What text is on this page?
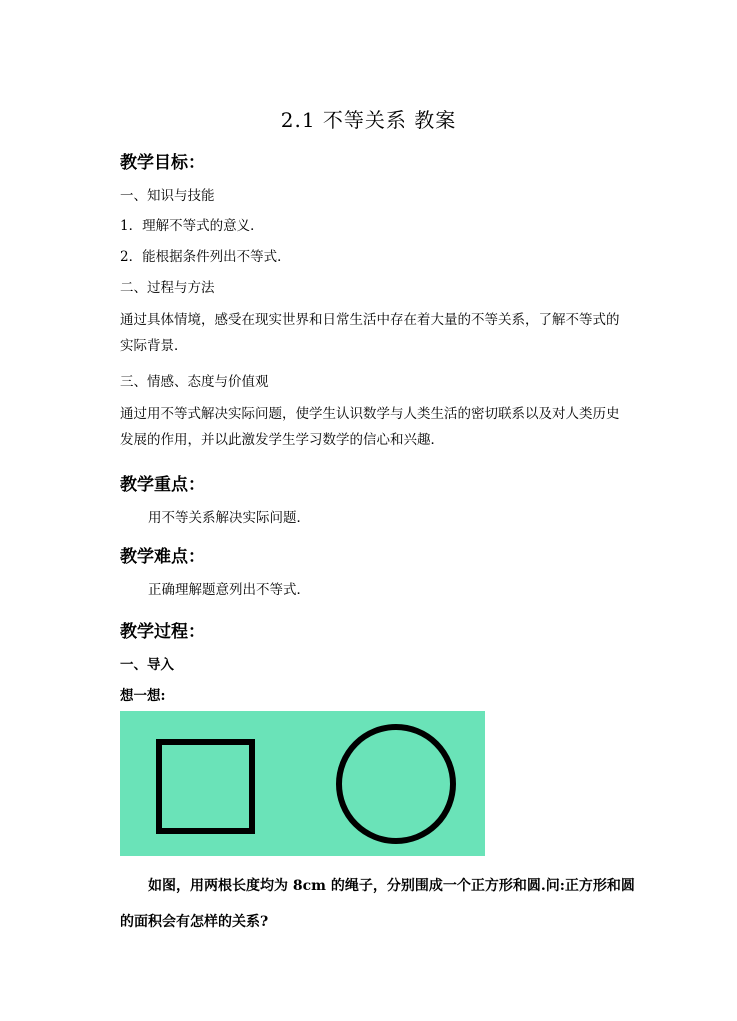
2.1 不等关系 教案
教学目标：
一、知识与技能
1．理解不等式的意义．
2．能根据条件列出不等式．
二、过程与方法
通过具体情境，感受在现实世界和日常生活中存在着大量的不等关系，了解不等式的实际背景．
三、情感、态度与价值观
通过用不等式解决实际问题，使学生认识数学与人类生活的密切联系以及对人类历史发展的作用，并以此激发学生学习数学的信心和兴趣．
教学重点：
用不等关系解决实际问题．
教学难点：
正确理解题意列出不等式．
教学过程：
一、导入
想一想:
如图，用两根长度均为 8cm 的绳子，分别围成一个正方形和圆.问:正方形和圆的面积会有怎样的关系?
